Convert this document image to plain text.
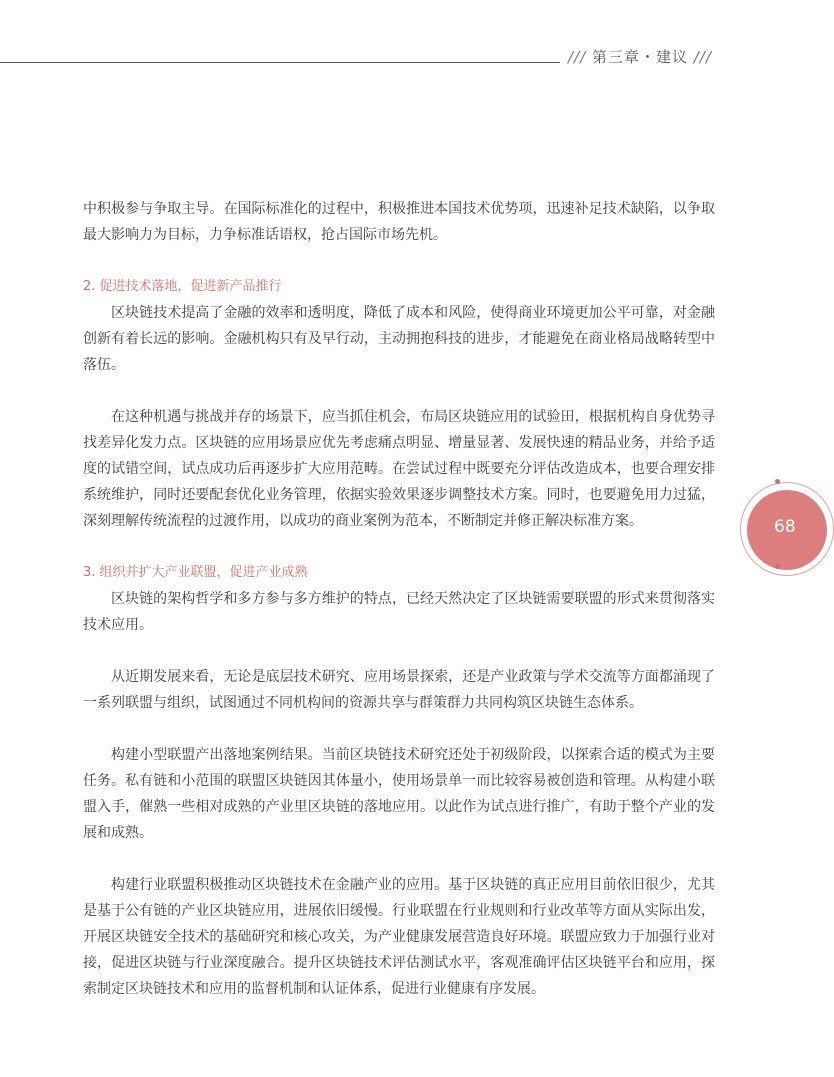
/// 第三章・建议 ///

中积极参与争取主导。在国际标准化的过程中，积极推进本国技术优势项，迅速补足技术缺陷，以争取最大影响力为目标，力争标准话语权，抢占国际市场先机。

2. 促进技术落地，促进新产品推行

区块链技术提高了金融的效率和透明度，降低了成本和风险，使得商业环境更加公平可靠，对金融创新有着长远的影响。金融机构只有及早行动，主动拥抱科技的进步，才能避免在商业格局战略转型中落伍。

在这种机遇与挑战并存的场景下，应当抓住机会，布局区块链应用的试验田，根据机构自身优势寻找差异化发力点。区块链的应用场景应优先考虑痛点明显、增量显著、发展快速的精品业务，并给予适度的试错空间，试点成功后再逐步扩大应用范畴。在尝试过程中既要充分评估改造成本，也要合理安排系统维护，同时还要配套优化业务管理，依据实验效果逐步调整技术方案。同时，也要避免用力过猛，深刻理解传统流程的过渡作用，以成功的商业案例为范本，不断制定并修正解决标准方案。

3. 组织并扩大产业联盟，促进产业成熟

区块链的架构哲学和多方参与多方维护的特点，已经天然决定了区块链需要联盟的形式来贯彻落实技术应用。

从近期发展来看，无论是底层技术研究、应用场景探索，还是产业政策与学术交流等方面都涌现了一系列联盟与组织，试图通过不同机构间的资源共享与群策群力共同构筑区块链生态体系。

构建小型联盟产出落地案例结果。当前区块链技术研究还处于初级阶段，以探索合适的模式为主要任务。私有链和小范围的联盟区块链因其体量小，使用场景单一而比较容易被创造和管理。从构建小联盟入手，催熟一些相对成熟的产业里区块链的落地应用。以此作为试点进行推广，有助于整个产业的发展和成熟。

构建行业联盟积极推动区块链技术在金融产业的应用。基于区块链的真正应用目前依旧很少，尤其是基于公有链的产业区块链应用，进展依旧缓慢。行业联盟在行业规则和行业改革等方面从实际出发，开展区块链安全技术的基础研究和核心攻关，为产业健康发展营造良好环境。联盟应致力于加强行业对接，促进区块链与行业深度融合。提升区块链技术评估测试水平，客观准确评估区块链平台和应用，探索制定区块链技术和应用的监督机制和认证体系，促进行业健康有序发展。

68
